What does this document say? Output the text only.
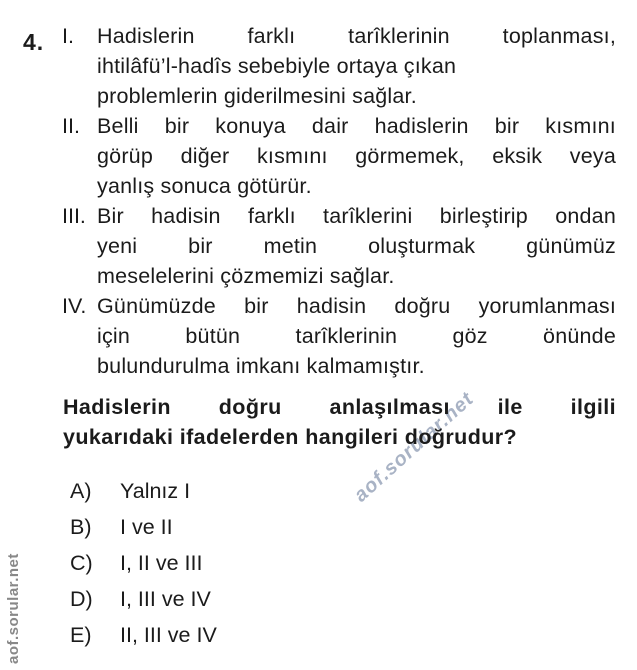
aof.sorular.net
aof.sorular.net
4. I.	Hadislerin farklı tarîklerinin toplanması,
ihtilâfü’l-hadîs sebebiyle ortaya çıkan
problemlerin giderilmesini sağlar.
II. Belli bir konuya dair hadislerin bir kısmını
görüp diğer kısmını görmemek, eksik veya
yanlış sonuca götürür.
III. Bir hadisin farklı tarîklerini birleştirip ondan
yeni bir metin oluşturmak günümüz
meselelerini çözmemizi sağlar.
IV. Günümüzde bir hadisin doğru yorumlanması
için bütün tarîklerinin göz önünde
bulundurulma imkanı kalmamıştır.
Hadislerin doğru anlaşılması ile ilgili
yukarıdaki ifadelerden hangileri doğrudur?
A)	Yalnız I
B)	I ve II
C)	I, II ve III
D)	I, III ve IV
E)	II, III ve IV
